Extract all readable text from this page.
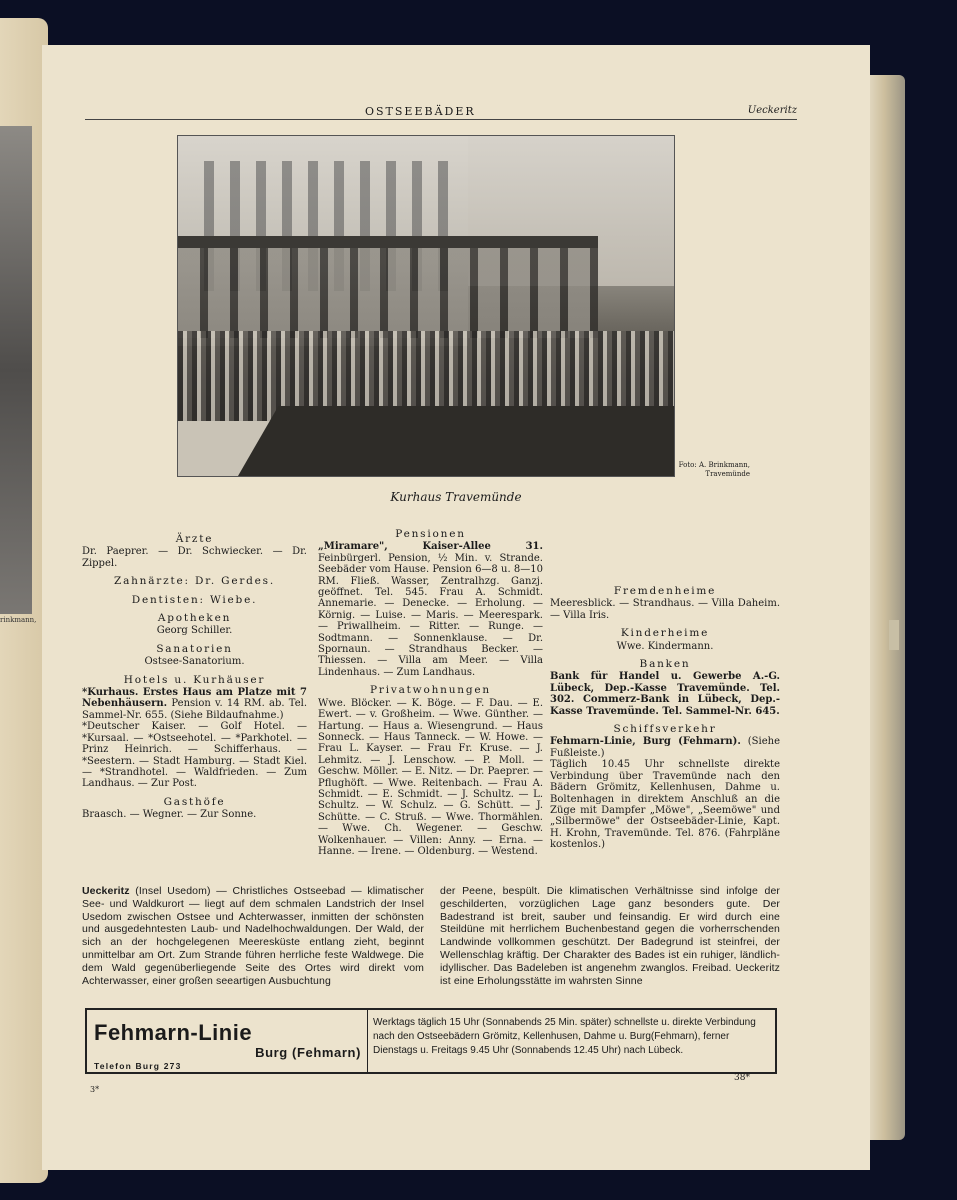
rinkmann,
OSTSEEBÄDER	Ueckeritz
Foto: A. Brinkmann,
Travemünde
Kurhaus Travemünde
Ärzte

Dr. Paeprer. — Dr. Schwiecker. — Dr. Zippel.

Zahnärzte: Dr. Gerdes.
Dentisten: Wiebe.
Apotheken

Georg Schiller.

Sanatorien

Ostsee-Sanatorium.

Hotels u. Kurhäuser

*Kurhaus. Erstes Haus am Platze mit 7 Nebenhäusern. Pension v. 14 RM. ab. Tel. Sammel-Nr. 655. (Siehe Bildaufnahme.)

*Deutscher Kaiser. — Golf Hotel. — *Kursaal. — *Ostseehotel. — *Parkhotel. — Prinz Heinrich. — Schifferhaus. — *Seestern. — Stadt Hamburg. — Stadt Kiel. — *Strandhotel. — Waldfrieden. — Zum Landhaus. — Zur Post.

Gasthöfe

Braasch. — Wegner. — Zur Sonne.

Pensionen

„Miramare", Kaiser-Allee 31. Feinbürgerl. Pension, ½ Min. v. Strande. Seebäder vom Hause. Pension 6—8 u. 8—10 RM. Fließ. Wasser, Zentralhzg. Ganzj. geöffnet. Tel. 545. Frau A. Schmidt. Annemarie. — Denecke. — Erholung. — Körnig. — Luise. — Maris. — Meerespark. — Priwallheim. — Ritter. — Runge. — Sodtmann. — Sonnenklause. — Dr. Spornaun. — Strandhaus Becker. — Thiessen. — Villa am Meer. — Villa Lindenhaus. — Zum Landhaus.

Privatwohnungen

Wwe. Blöcker. — K. Böge. — F. Dau. — E. Ewert. — v. Großheim. — Wwe. Günther. — Hartung. — Haus a. Wiesengrund. — Haus Sonneck. — Haus Tanneck. — W. Howe. — Frau L. Kayser. — Frau Fr. Kruse. — J. Lehmitz. — J. Lenschow. — P. Moll. — Geschw. Möller. — E. Nitz. — Dr. Paeprer. — Pflughöft. — Wwe. Reitenbach. — Frau A. Schmidt. — E. Schmidt. — J. Schultz. — L. Schultz. — W. Schulz. — G. Schütt. — J. Schütte. — C. Struß. — Wwe. Thormählen. — Wwe. Ch. Wegener. — Geschw. Wolkenhauer. — Villen: Anny. — Erna. — Hanne. — Irene. — Oldenburg. — Westend.

Fremdenheime

Meeresblick. — Strandhaus. — Villa Daheim. — Villa Iris.

Kinderheime

Wwe. Kindermann.

Banken

Bank für Handel u. Gewerbe A.-G. Lübeck, Dep.-Kasse Travemünde. Tel. 302. Commerz-Bank in Lübeck, Dep.-Kasse Travemünde. Tel. Sammel-Nr. 645.

Schiffsverkehr

Fehmarn-Linie, Burg (Fehmarn). (Siehe Fußleiste.)

Täglich 10.45 Uhr schnellste direkte Verbindung über Travemünde nach den Bädern Grömitz, Kellenhusen, Dahme u. Boltenhagen in direktem Anschluß an die Züge mit Dampfer „Möwe", „Seemöwe" und „Silbermöwe" der Ostseebäder-Linie, Kapt. H. Krohn, Travemünde. Tel. 876. (Fahrpläne kostenlos.)

Ueckeritz (Insel Usedom) — Christliches Ostseebad — klimatischer See- und Waldkurort — liegt auf dem schmalen Landstrich der Insel Usedom zwischen Ostsee und Achterwasser, inmitten der schönsten und ausgedehntesten Laub- und Nadelhochwaldungen. Der Wald, der sich an der hochgelegenen Meeresküste entlang zieht, beginnt unmittelbar am Ort. Zum Strande führen herrliche feste Waldwege. Die dem Wald gegenüberliegende Seite des Ortes wird direkt vom Achterwasser, einer großen seeartigen Ausbuchtung
der Peene, bespült. Die klimatischen Verhältnisse sind infolge der geschilderten, vorzüglichen Lage ganz besonders gute. Der Badestrand ist breit, sauber und feinsandig. Er wird durch eine Steildüne mit herrlichem Buchenbestand gegen die vorherrschenden Landwinde vollkommen geschützt. Der Badegrund ist steinfrei, der Wellenschlag kräftig. Der Charakter des Bades ist ein ruhiger, ländlich-idyllischer. Das Badeleben ist angenehm zwanglos. Freibad. Ueckeritz ist eine Erholungsstätte im wahrsten Sinne
Fehmarn-Linie
Burg (Fehmarn)
Telefon Burg 273
Werktags täglich 15 Uhr (Sonnabends 25 Min. später) schnellste u. direkte Verbindung nach den Ostseebädern Grömitz, Kellenhusen, Dahme u. Burg(Fehmarn), ferner Dienstags u. Freitags 9.45 Uhr (Sonnabends 12.45 Uhr) nach Lübeck.
3*
38*
